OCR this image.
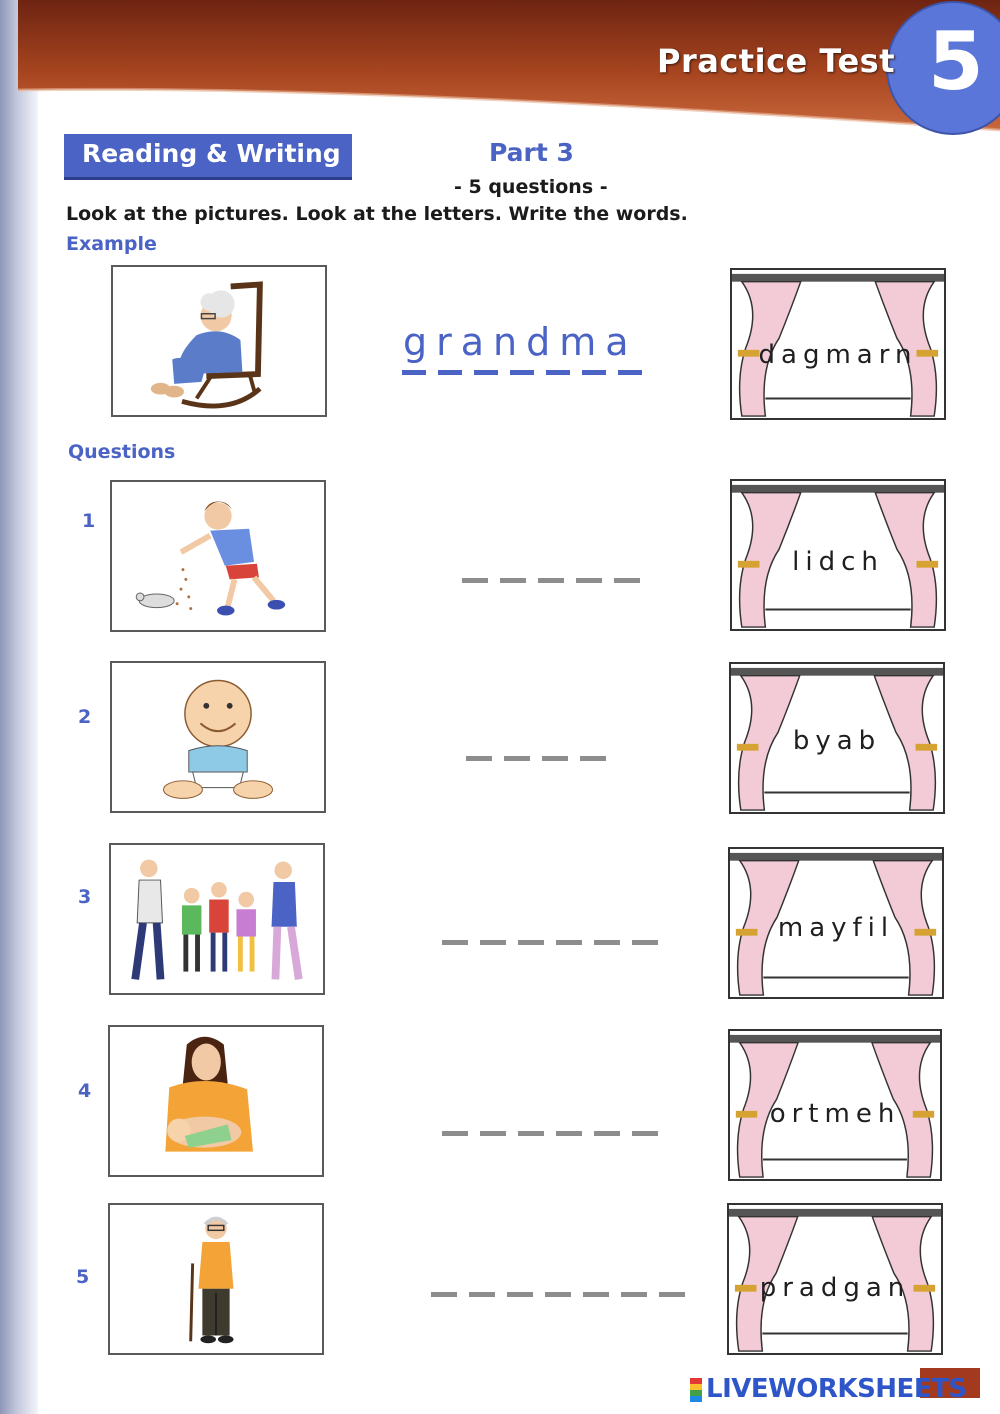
Practice Test 5
Reading & Writing	Part 3
- 5 questions -
Look at the pictures. Look at the letters. Write the words.
Example
grandma	dagmarn
Questions
1
lidch
2
byab
3
mayfil
4
ortmeh
5	pradgan
LIVEWORKSHEETS
